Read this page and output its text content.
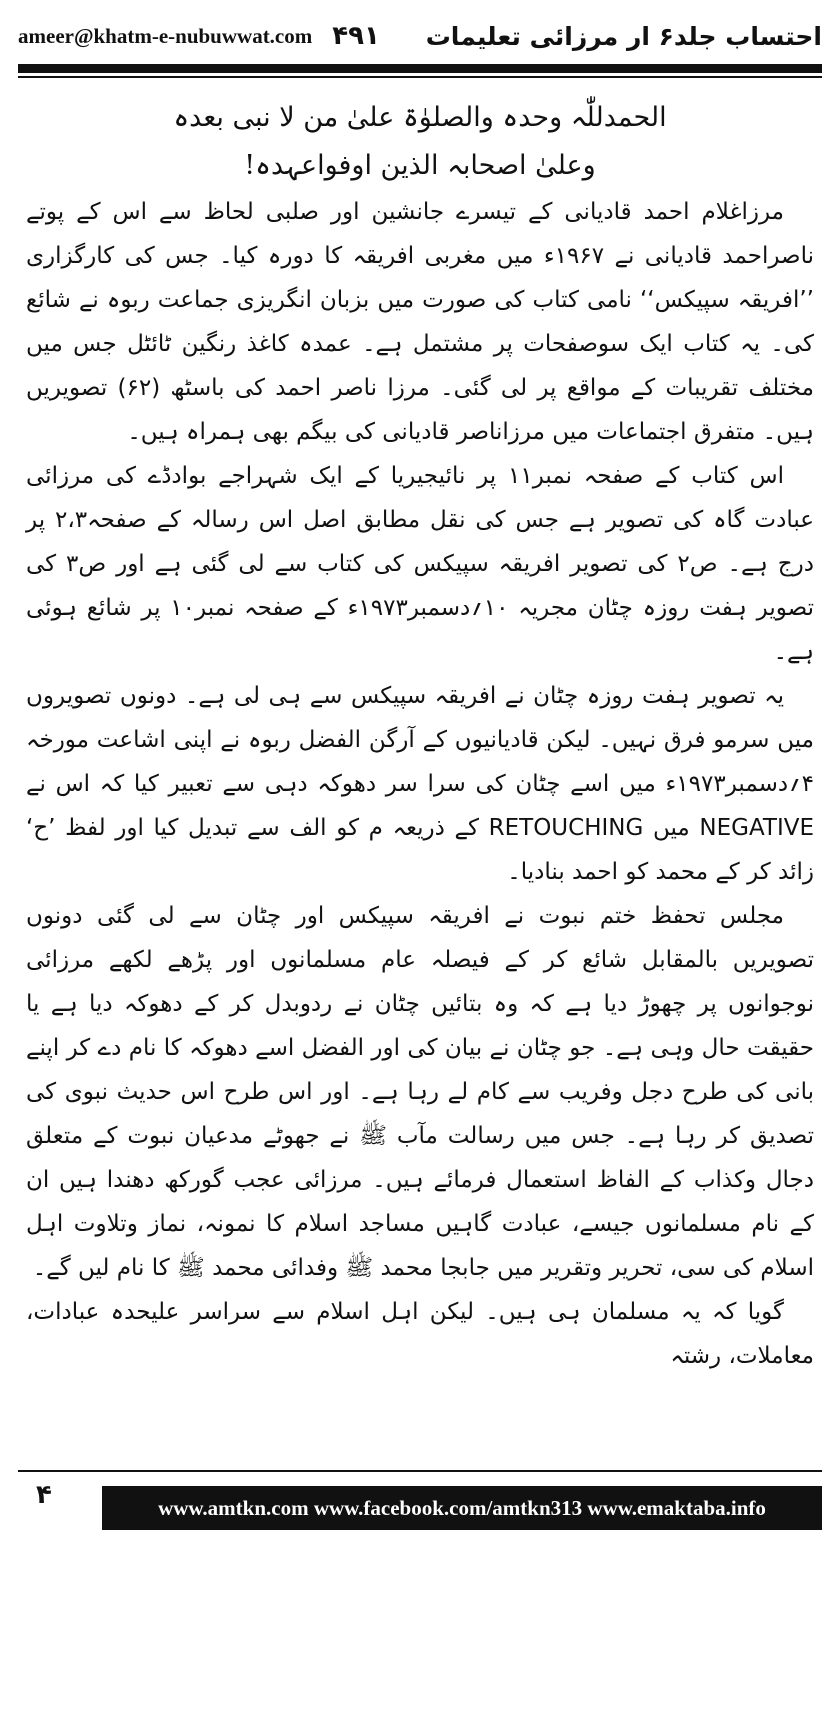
ameer@khatm-e-nubuwwat.com ۴۹۱ احتساب جلد۶ ار مرزائی تعلیمات

الحمدللّٰہ وحدہ والصلوٰۃ علیٰ من لا نبی بعدہ

وعلیٰ اصحابہ الذین اوفواعہدہ!

مرزاغلام احمد قادیانی کے تیسرے جانشین اور صلبی لحاظ سے اس کے پوتے ناصراحمد قادیانی نے ۱۹۶۷ء میں مغربی افریقہ کا دورہ کیا۔ جس کی کارگزاری ’’افریقہ سپیکس‘‘ نامی کتاب کی صورت میں بزبان انگریزی جماعت ربوہ نے شائع کی۔ یہ کتاب ایک سوصفحات پر مشتمل ہے۔ عمدہ کاغذ رنگین ٹائٹل جس میں مختلف تقریبات کے مواقع پر لی گئی۔ مرزا ناصر احمد کی باسٹھ (۶۲) تصویریں ہیں۔ متفرق اجتماعات میں مرزاناصر قادیانی کی بیگم بھی ہمراہ ہیں۔

اس کتاب کے صفحہ نمبر۱۱ پر نائیجیریا کے ایک شہراجے بوادڈے کی مرزائی عبادت گاہ کی تصویر ہے جس کی نقل مطابق اصل اس رسالہ کے صفحہ۲،۳ پر درج ہے۔ ص۲ کی تصویر افریقہ سپیکس کی کتاب سے لی گئی ہے اور ص۳ کی تصویر ہفت روزہ چٹان مجریہ ۱۰؍دسمبر۱۹۷۳ء کے صفحہ نمبر۱۰ پر شائع ہوئی ہے۔

یہ تصویر ہفت روزہ چٹان نے افریقہ سپیکس سے ہی لی ہے۔ دونوں تصویروں میں سرمو فرق نہیں۔ لیکن قادیانیوں کے آرگن الفضل ربوہ نے اپنی اشاعت مورخہ ۴؍دسمبر۱۹۷۳ء میں اسے چٹان کی سرا سر دھوکہ دہی سے تعبیر کیا کہ اس نے NEGATIVE میں RETOUCHING کے ذریعہ م کو الف سے تبدیل کیا اور لفظ ’ح‘ زائد کر کے محمد کو احمد بنادیا۔

مجلس تحفظ ختم نبوت نے افریقہ سپیکس اور چٹان سے لی گئی دونوں تصویریں بالمقابل شائع کر کے فیصلہ عام مسلمانوں اور پڑھے لکھے مرزائی نوجوانوں پر چھوڑ دیا ہے کہ وہ بتائیں چٹان نے ردوبدل کر کے دھوکہ دیا ہے یا حقیقت حال وہی ہے۔ جو چٹان نے بیان کی اور الفضل اسے دھوکہ کا نام دے کر اپنے بانی کی طرح دجل وفریب سے کام لے رہا ہے۔ اور اس طرح اس حدیث نبوی کی تصدیق کر رہا ہے۔ جس میں رسالت مآب ﷺ نے جھوٹے مدعیان نبوت کے متعلق دجال وکذاب کے الفاظ استعمال فرمائے ہیں۔ مرزائی عجب گورکھ دھندا ہیں ان کے نام مسلمانوں جیسے، عبادت گاہیں مساجد اسلام کا نمونہ، نماز وتلاوت اہل اسلام کی سی، تحریر وتقریر میں جابجا محمد ﷺ وفدائی محمد ﷺ کا نام لیں گے۔

گویا کہ یہ مسلمان ہی ہیں۔ لیکن اہل اسلام سے سراسر علیحدہ عبادات، معاملات، رشتہ

۴	www.amtkn.com www.facebook.com/amtkn313 www.emaktaba.info
